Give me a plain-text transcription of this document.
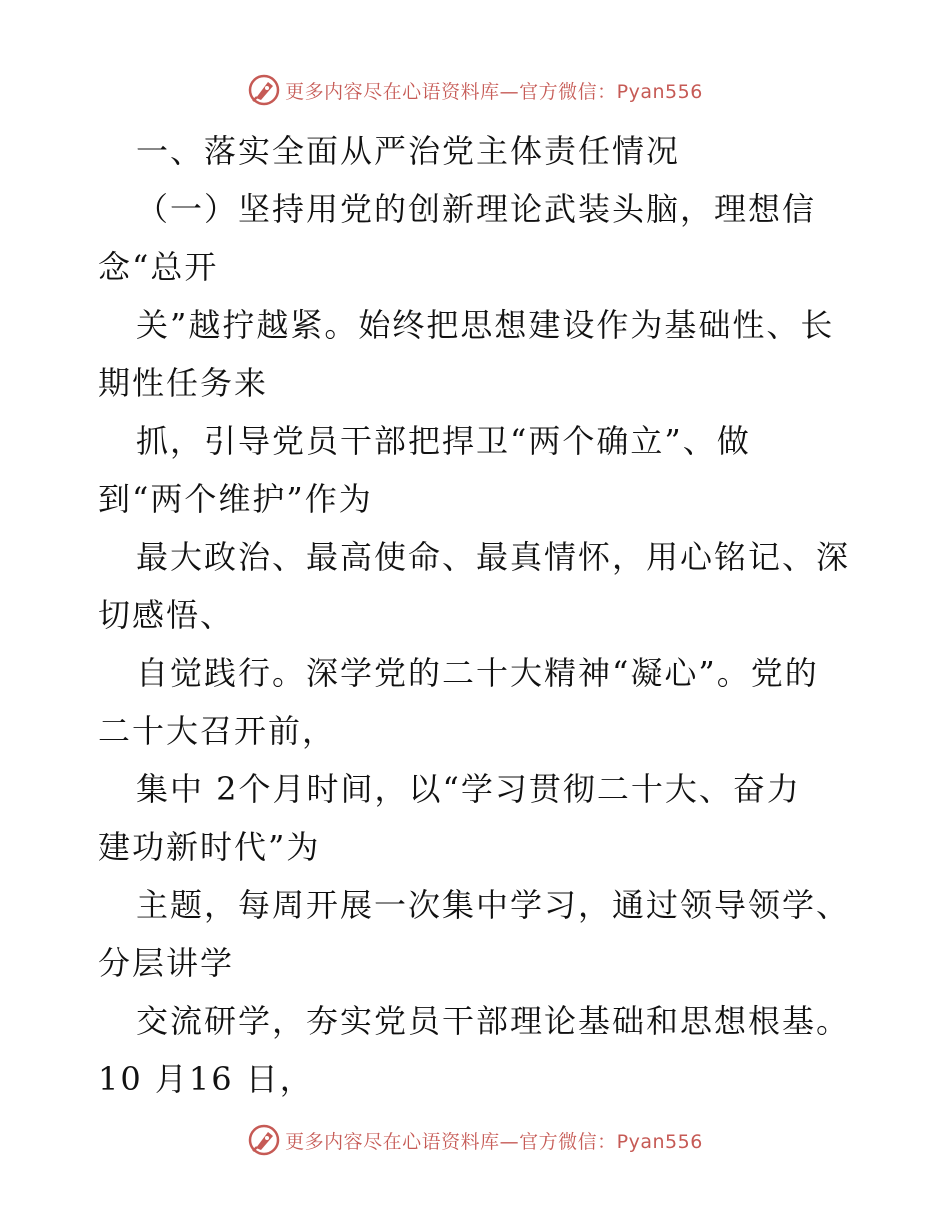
更多内容尽在心语资料库—官方微信：Pyan556
一、落实全面从严治党主体责任情况
（一）坚持用党的创新理论武装头脑，理想信
念“总开
关”越拧越紧。始终把思想建设作为基础性、长
期性任务来
抓，引导党员干部把捍卫“两个确立”、做
到“两个维护”作为
最大政治、最高使命、最真情怀，用心铭记、深
切感悟、
自觉践行。深学党的二十大精神“凝心”。党的
二十大召开前，
集中 2个月时间，以“学习贯彻二十大、奋力
建功新时代”为
主题，每周开展一次集中学习，通过领导领学、
分层讲学
交流研学，夯实党员干部理论基础和思想根基。
10 月16 日，
更多内容尽在心语资料库—官方微信：Pyan556
